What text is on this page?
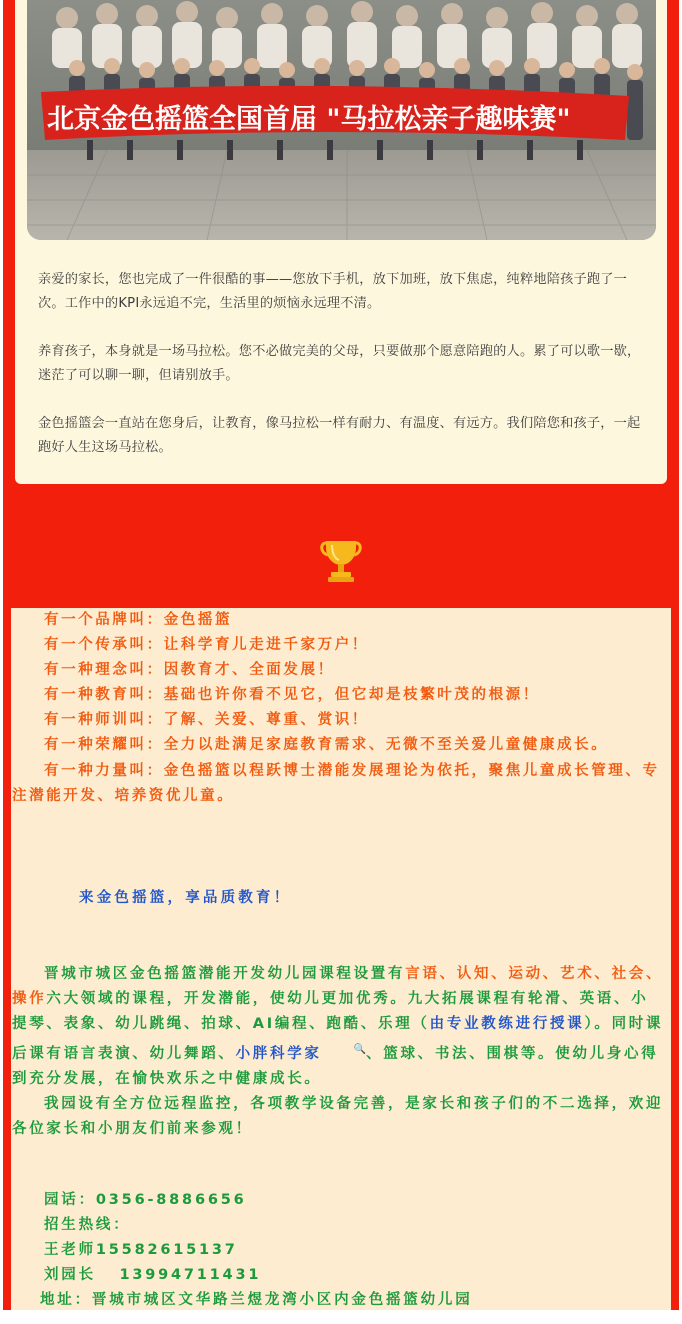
北京金色摇篮全国首届 "马拉松亲子趣味赛"

亲爱的家长，您也完成了一件很酷的事——您放下手机，放下加班，放下焦虑，纯粹地陪孩子跑了一次。工作中的KPI永远追不完，生活里的烦恼永远理不清。

养育孩子，本身就是一场马拉松。您不必做完美的父母，只要做那个愿意陪跑的人。累了可以歌一歇，迷茫了可以聊一聊，但请别放手。

金色摇篮会一直站在您身后，让教育，像马拉松一样有耐力、有温度、有远方。我们陪您和孩子，一起跑好人生这场马拉松。

有一个品牌叫：金色摇篮

有一个传承叫：让科学育儿走进千家万户！

有一种理念叫：因教育才、全面发展！

有一种教育叫：基础也许你看不见它，但它却是枝繁叶茂的根源！

有一种师训叫：了解、关爱、尊重、赏识！

有一种荣耀叫：全力以赴满足家庭教育需求、无微不至关爱儿童健康成长。

有一种力量叫：金色摇篮以程跃博士潜能发展理论为依托，聚焦儿童成长管理、专注潜能开发、培养资优儿童。

来金色摇篮，享品质教育！

晋城市城区金色摇篮潜能开发幼儿园课程设置有言语、认知、运动、艺术、社会、操作六大领域的课程，开发潜能，使幼儿更加优秀。九大拓展课程有轮滑、英语、小提琴、表象、幼儿跳绳、拍球、AI编程、跑酷、乐理（由专业教练进行授课）。同时课后课有语言表演、幼儿舞蹈、小胖科学家	🔍、篮球、书法、围棋等。使幼儿身心得到充分发展，在愉快欢乐之中健康成长。

我园设有全方位远程监控，各项教学设备完善，是家长和孩子们的不二选择，欢迎各位家长和小朋友们前来参观！

园话：0356-8886656

招生热线：

王老师15582615137

刘园长   13994711431

地址：晋城市城区文华路兰煜龙湾小区内金色摇篮幼儿园
